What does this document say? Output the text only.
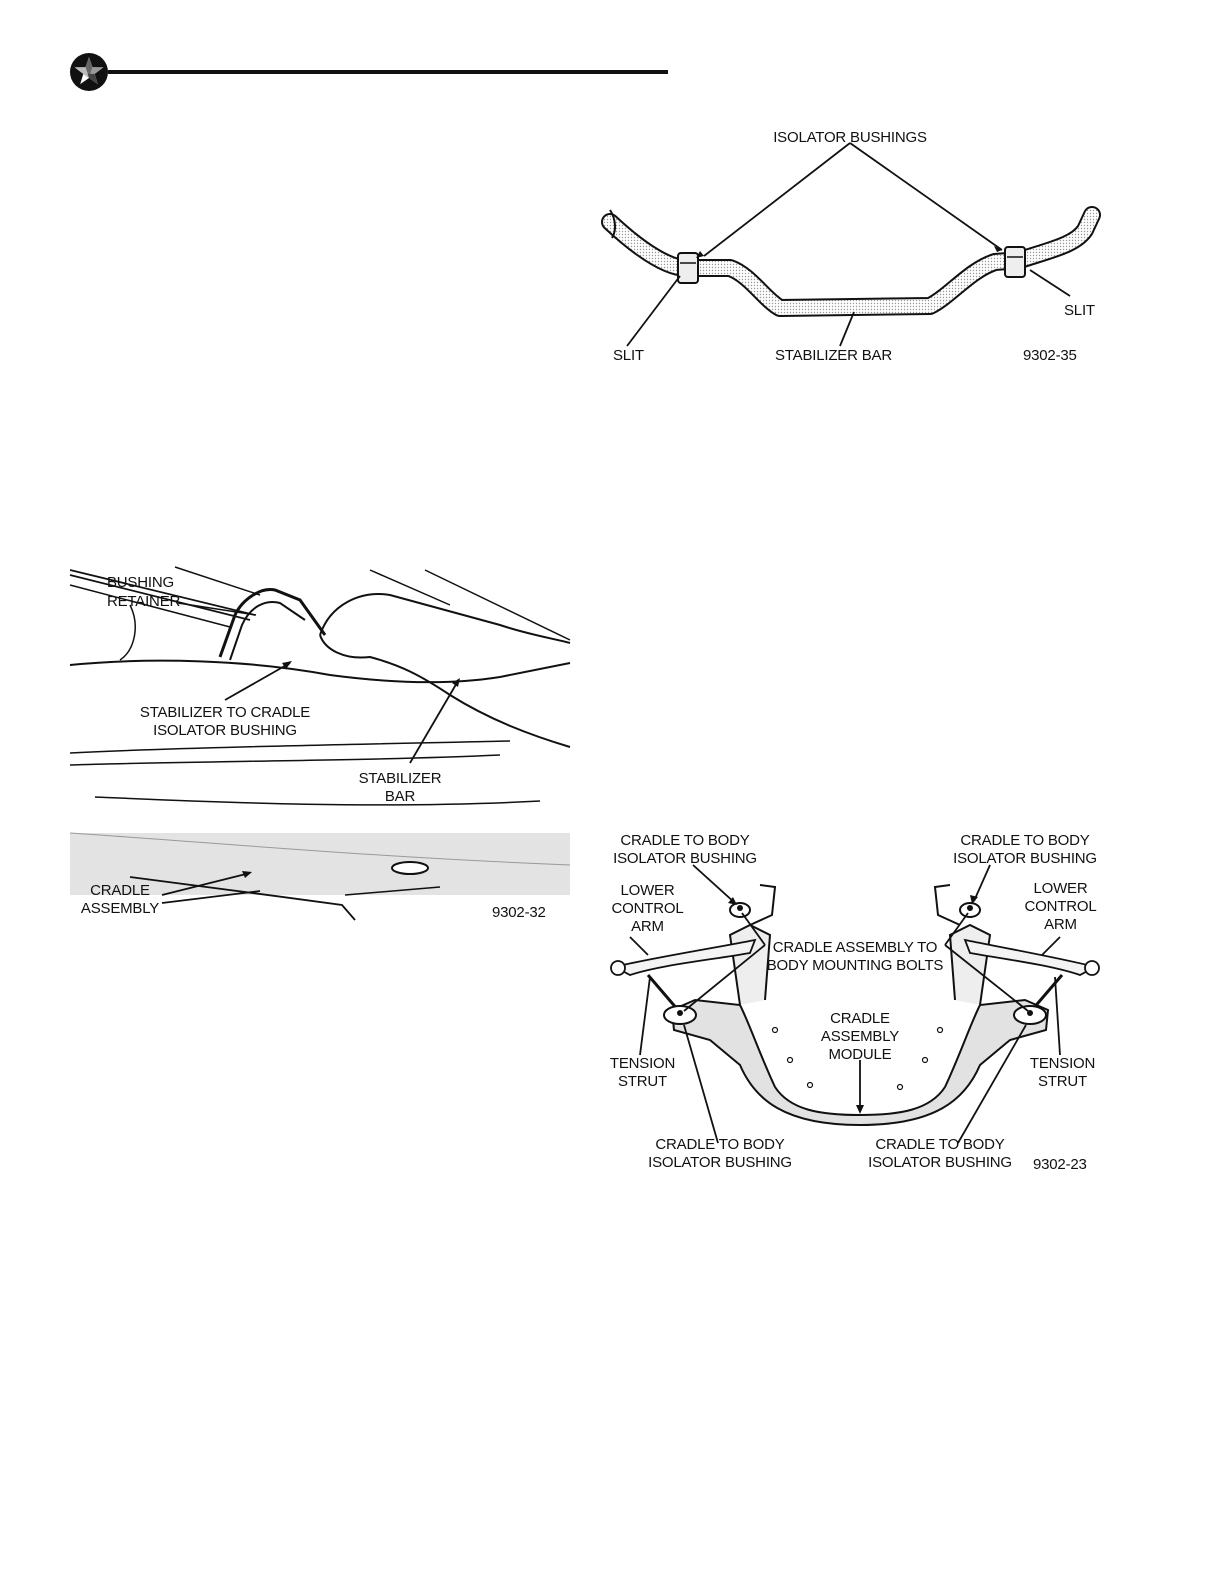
ISOLATOR BUSHINGS
SLIT
SLIT
STABILIZER BAR	9302-35
BUSHING
RETAINER
STABILIZER TO CRADLE
ISOLATOR BUSHING
STABILIZER
BAR
CRADLE
ASSEMBLY	9302-32
CRADLE TO BODY
ISOLATOR BUSHING
CRADLE TO BODY
ISOLATOR BUSHING
LOWER
CONTROL
ARM
LOWER
CONTROL
ARM
CRADLE ASSEMBLY TO
BODY MOUNTING BOLTS
CRADLE
ASSEMBLY
MODULE
TENSION
STRUT
TENSION
STRUT
CRADLE TO BODY
ISOLATOR BUSHING
CRADLE TO BODY
ISOLATOR BUSHING	9302-23
